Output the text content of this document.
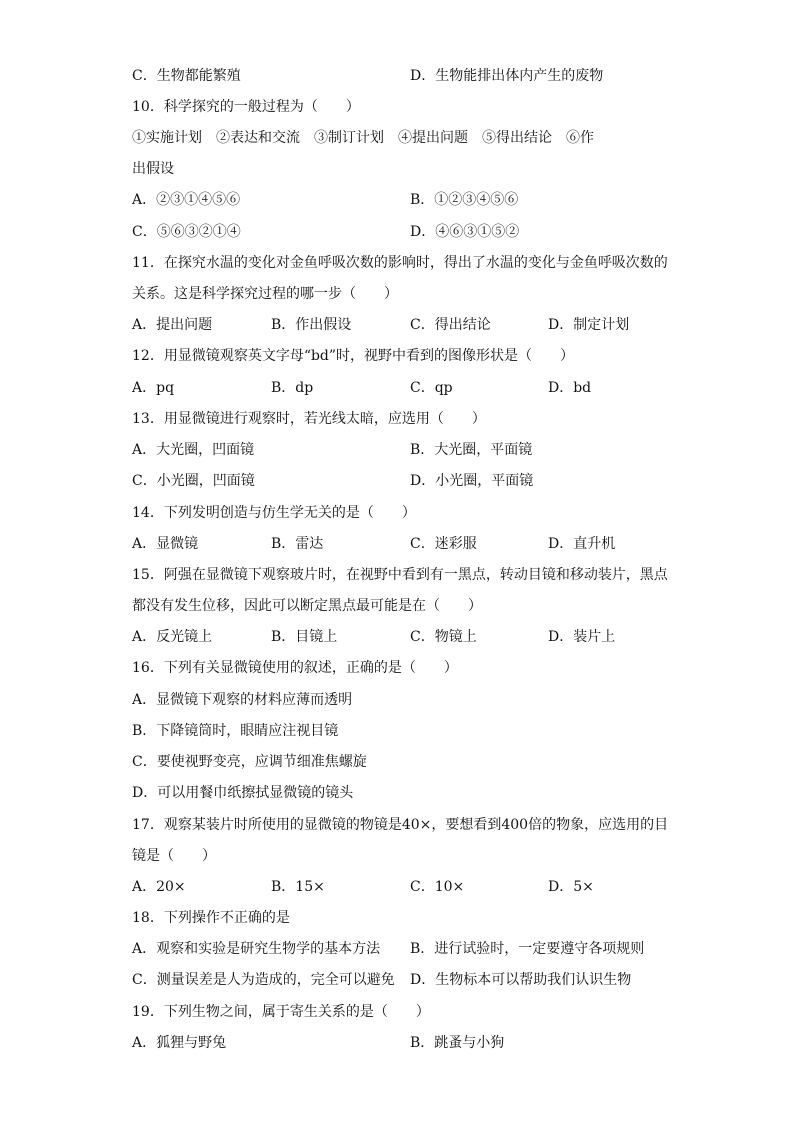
C．生物都能繁殖	D．生物能排出体内产生的废物
10．科学探究的一般过程为（　　）
①实施计划　②表达和交流　③制订计划　④提出问题　⑤得出结论　⑥作
出假设
A．②③①④⑤⑥	B．①②③④⑤⑥
C．⑤⑥③②①④	D．④⑥③①⑤②
11．在探究水温的变化对金鱼呼吸次数的影响时，得出了水温的变化与金鱼呼吸次数的
关系。这是科学探究过程的哪一步（　　）
A．提出问题	B．作出假设	C．得出结论	D．制定计划
12．用显微镜观察英文字母“bd”时，视野中看到的图像形状是（　　）
A．pq	B．dp	C．qp	D．bd
13．用显微镜进行观察时，若光线太暗，应选用（　　）
A．大光圈，凹面镜	B．大光圈，平面镜
C．小光圈，凹面镜	D．小光圈，平面镜
14．下列发明创造与仿生学无关的是（　　）
A．显微镜	B．雷达	C．迷彩服	D．直升机
15．阿强在显微镜下观察玻片时，在视野中看到有一黑点，转动目镜和移动装片，黑点
都没有发生位移，因此可以断定黑点最可能是在（　　）
A．反光镜上	B．目镜上	C．物镜上	D．装片上
16．下列有关显微镜使用的叙述，正确的是（　　）
A．显微镜下观察的材料应薄而透明
B．下降镜筒时，眼睛应注视目镜
C．要使视野变亮，应调节细准焦螺旋
D．可以用餐巾纸擦拭显微镜的镜头
17．观察某装片时所使用的显微镜的物镜是40×，要想看到400倍的物象，应选用的目
镜是（　　）
A．20×	B．15×	C．10×	D．5×
18．下列操作不正确的是
A．观察和实验是研究生物学的基本方法 B．进行试验时，一定要遵守各项规则
C．测量误差是人为造成的，完全可以避免 D．生物标本可以帮助我们认识生物
19．下列生物之间，属于寄生关系的是（　　）
A．狐狸与野兔	B．跳蚤与小狗
